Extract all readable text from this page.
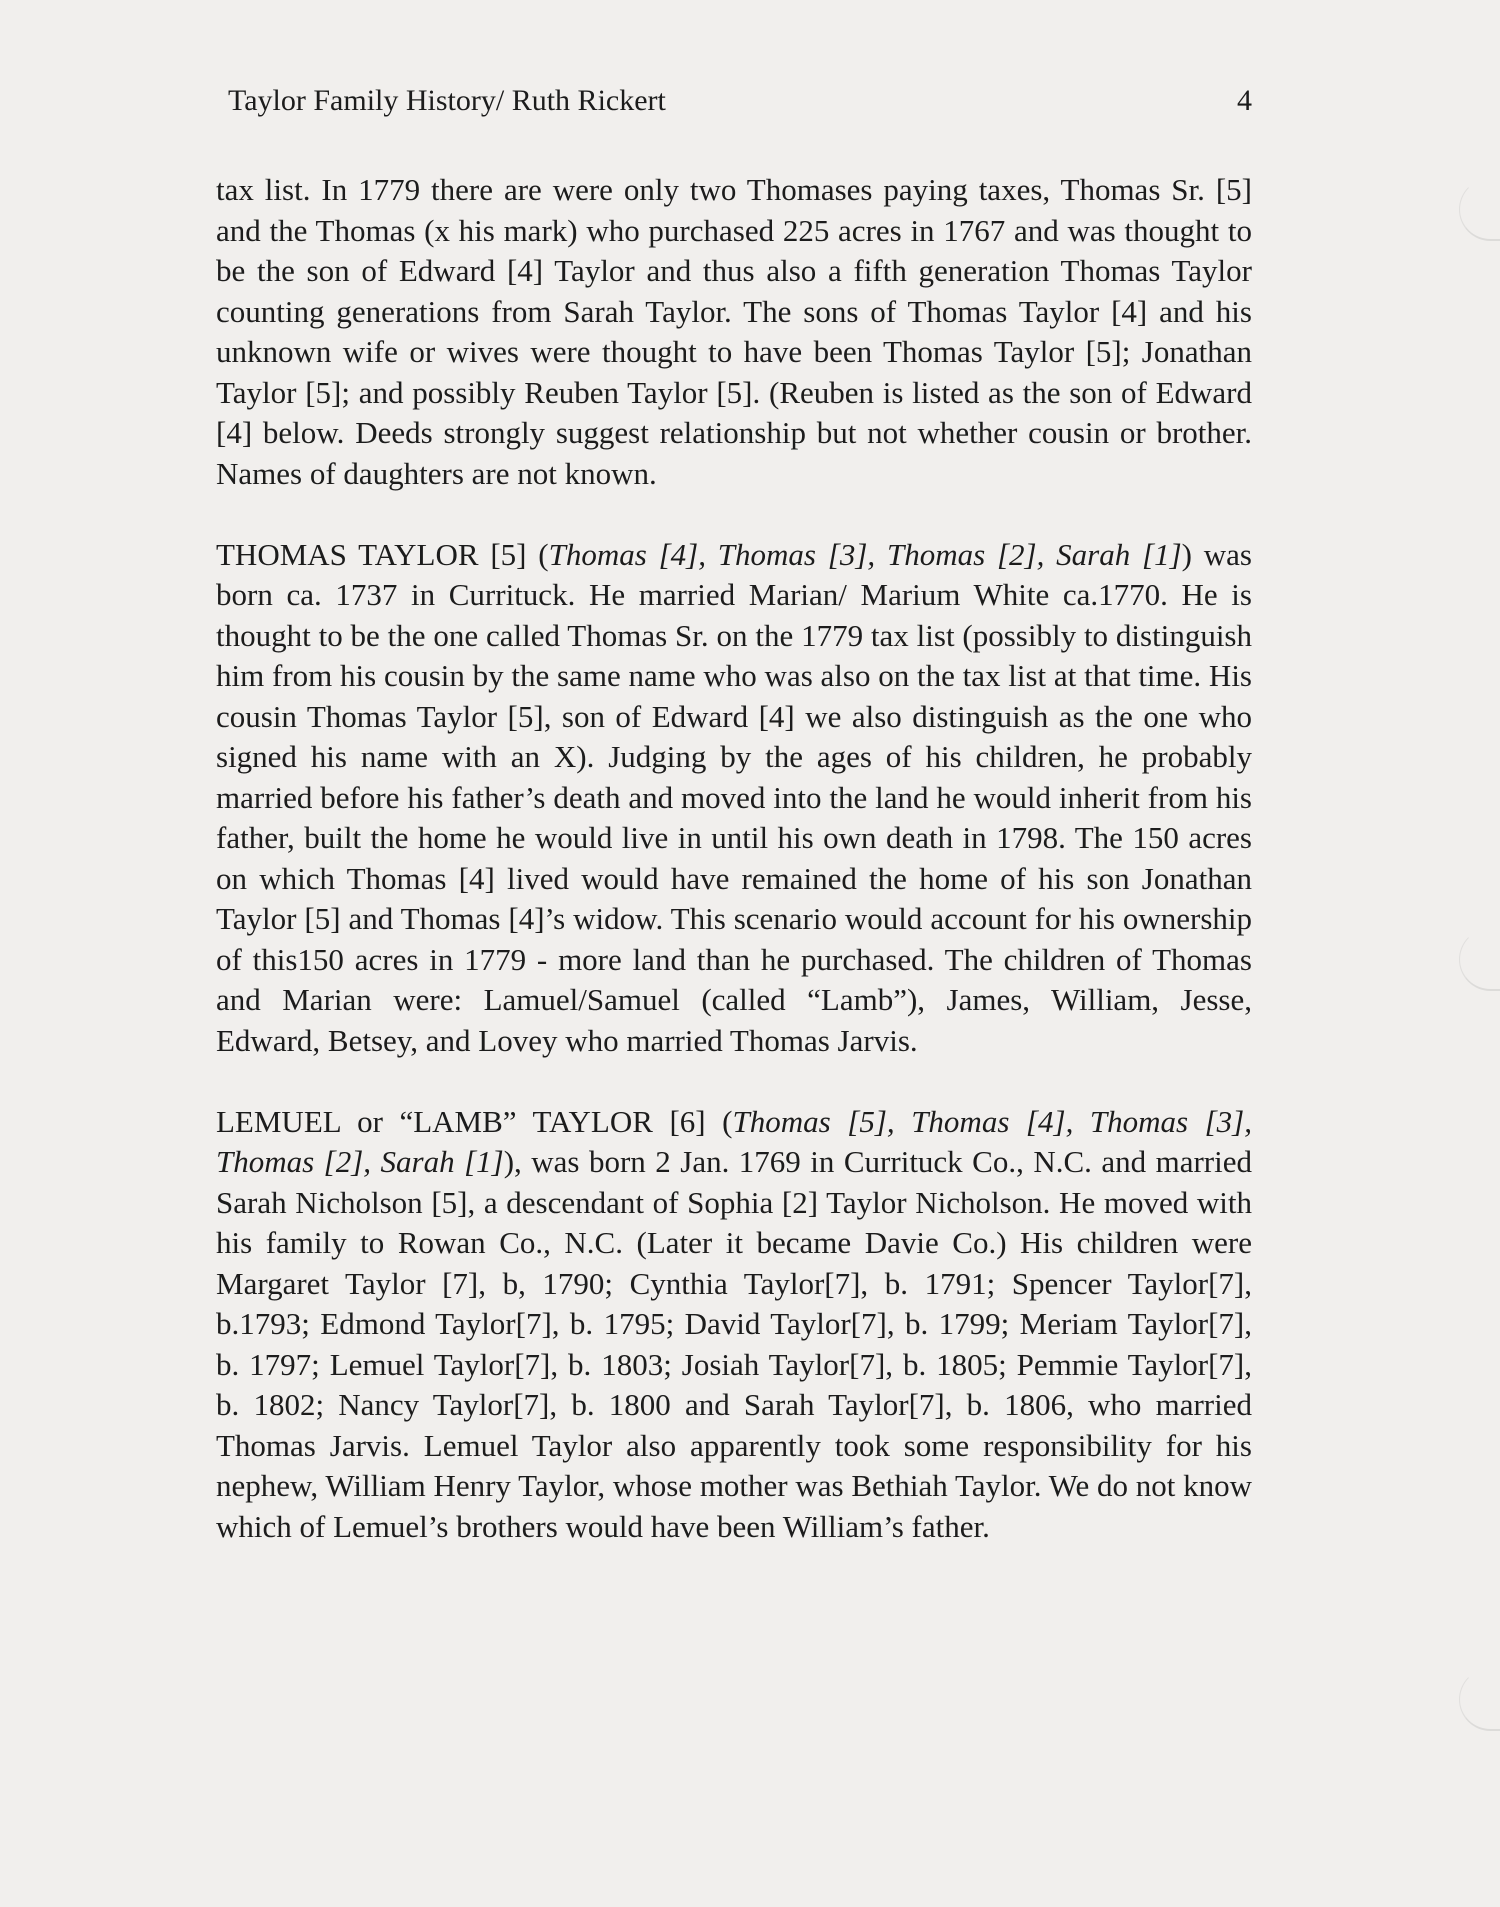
Taylor Family History/ Ruth Rickert	4

tax list. In 1779 there are were only two Thomases paying taxes, Thomas Sr. [5] and the Thomas (x his mark) who purchased 225 acres in 1767 and was thought to be the son of Edward [4] Taylor and thus also a fifth generation Thomas Taylor counting generations from Sarah Taylor. The sons of Thomas Taylor [4] and his unknown wife or wives were thought to have been Thomas Taylor [5]; Jonathan Taylor [5]; and possibly Reuben Taylor [5]. (Reuben is listed as the son of Edward [4] below. Deeds strongly suggest relationship but not whether cousin or brother. Names of daughters are not known.

THOMAS TAYLOR [5] (Thomas [4], Thomas [3], Thomas [2], Sarah [1]) was born ca. 1737 in Currituck. He married Marian/ Marium White ca.1770. He is thought to be the one called Thomas Sr. on the 1779 tax list (possibly to distinguish him from his cousin by the same name who was also on the tax list at that time. His cousin Thomas Taylor [5], son of Edward [4] we also distinguish as the one who signed his name with an X). Judging by the ages of his children, he probably married before his father’s death and moved into the land he would inherit from his father, built the home he would live in until his own death in 1798. The 150 acres on which Thomas [4] lived would have remained the home of his son Jonathan Taylor [5] and Thomas [4]’s widow. This scenario would account for his ownership of this150 acres in 1779 - more land than he purchased. The children of Thomas and Marian were: Lamuel/Samuel (called “Lamb”), James, William, Jesse, Edward, Betsey, and Lovey who married Thomas Jarvis.

LEMUEL or “LAMB” TAYLOR [6] (Thomas [5], Thomas [4], Thomas [3], Thomas [2], Sarah [1]), was born 2 Jan. 1769 in Currituck Co., N.C. and married Sarah Nicholson [5], a descendant of Sophia [2] Taylor Nicholson. He moved with his family to Rowan Co., N.C. (Later it became Davie Co.) His children were Margaret Taylor [7], b, 1790; Cynthia Taylor[7], b. 1791; Spencer Taylor[7], b.1793; Edmond Taylor[7], b. 1795; David Taylor[7], b. 1799; Meriam Taylor[7], b. 1797; Lemuel Taylor[7], b. 1803; Josiah Taylor[7], b. 1805; Pemmie Taylor[7], b. 1802; Nancy Taylor[7], b. 1800 and Sarah Taylor[7], b. 1806, who married Thomas Jarvis. Lemuel Taylor also apparently took some responsibility for his nephew, William Henry Taylor, whose mother was Bethiah Taylor. We do not know which of Lemuel’s brothers would have been William’s father.
